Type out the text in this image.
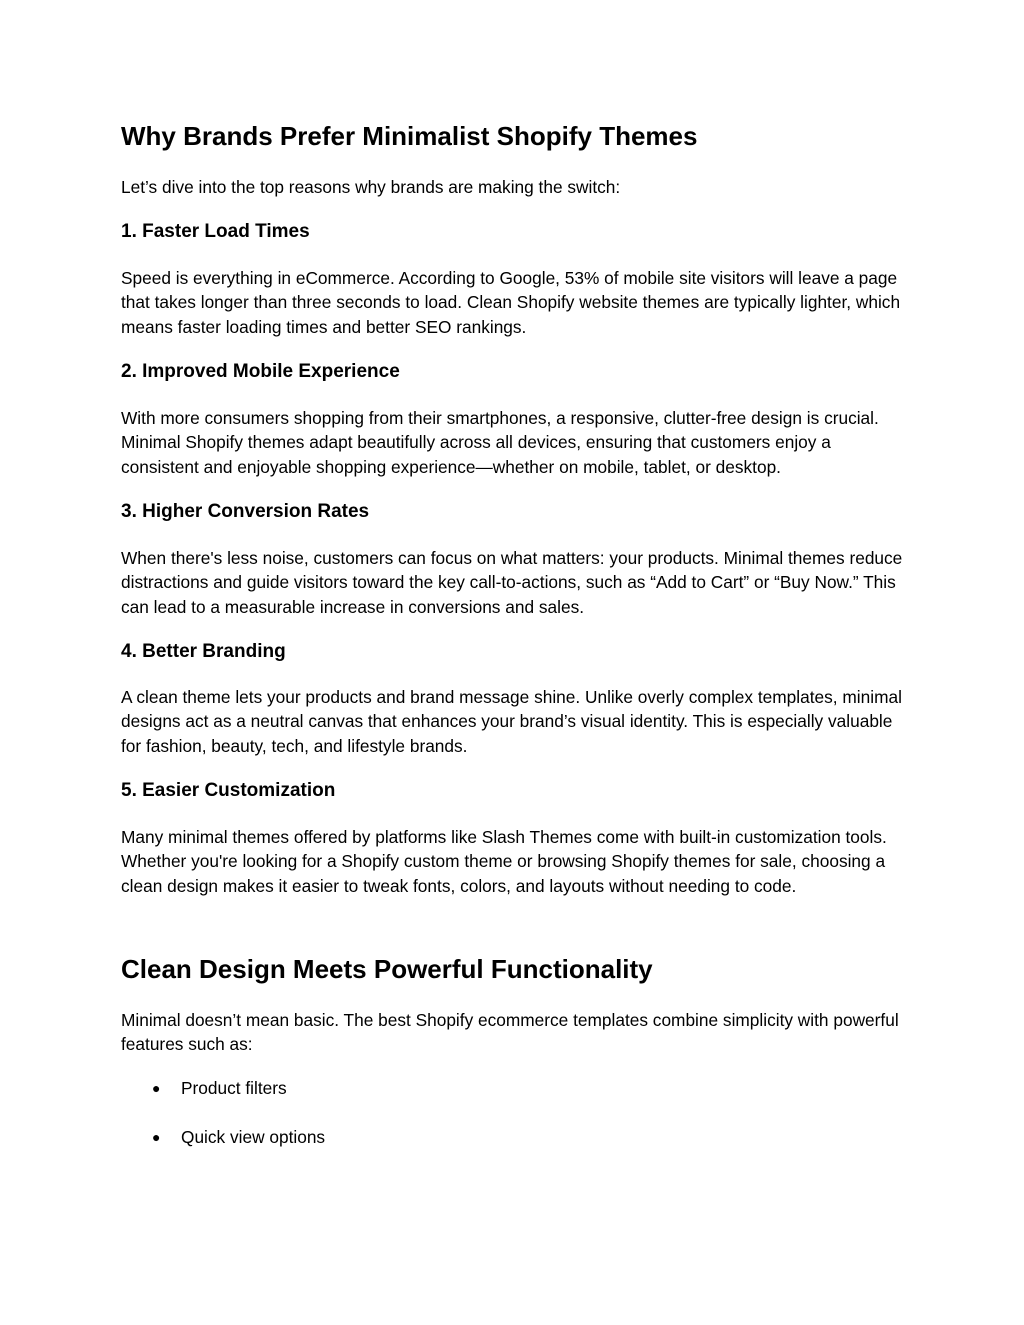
Why Brands Prefer Minimalist Shopify Themes

Let’s dive into the top reasons why brands are making the switch:

1. Faster Load Times

Speed is everything in eCommerce. According to Google, 53% of mobile site visitors will leave a page that takes longer than three seconds to load. Clean Shopify website themes are typically lighter, which means faster loading times and better SEO rankings.

2. Improved Mobile Experience

With more consumers shopping from their smartphones, a responsive, clutter-free design is crucial. Minimal Shopify themes adapt beautifully across all devices, ensuring that customers enjoy a consistent and enjoyable shopping experience—whether on mobile, tablet, or desktop.

3. Higher Conversion Rates

When there's less noise, customers can focus on what matters: your products. Minimal themes reduce distractions and guide visitors toward the key call-to-actions, such as “Add to Cart” or “Buy Now.” This can lead to a measurable increase in conversions and sales.

4. Better Branding

A clean theme lets your products and brand message shine. Unlike overly complex templates, minimal designs act as a neutral canvas that enhances your brand’s visual identity. This is especially valuable for fashion, beauty, tech, and lifestyle brands.

5. Easier Customization

Many minimal themes offered by platforms like Slash Themes come with built-in customization tools. Whether you're looking for a Shopify custom theme or browsing Shopify themes for sale, choosing a clean design makes it easier to tweak fonts, colors, and layouts without needing to code.

Clean Design Meets Powerful Functionality

Minimal doesn’t mean basic. The best Shopify ecommerce templates combine simplicity with powerful features such as:

● Product filters
● Quick view options
